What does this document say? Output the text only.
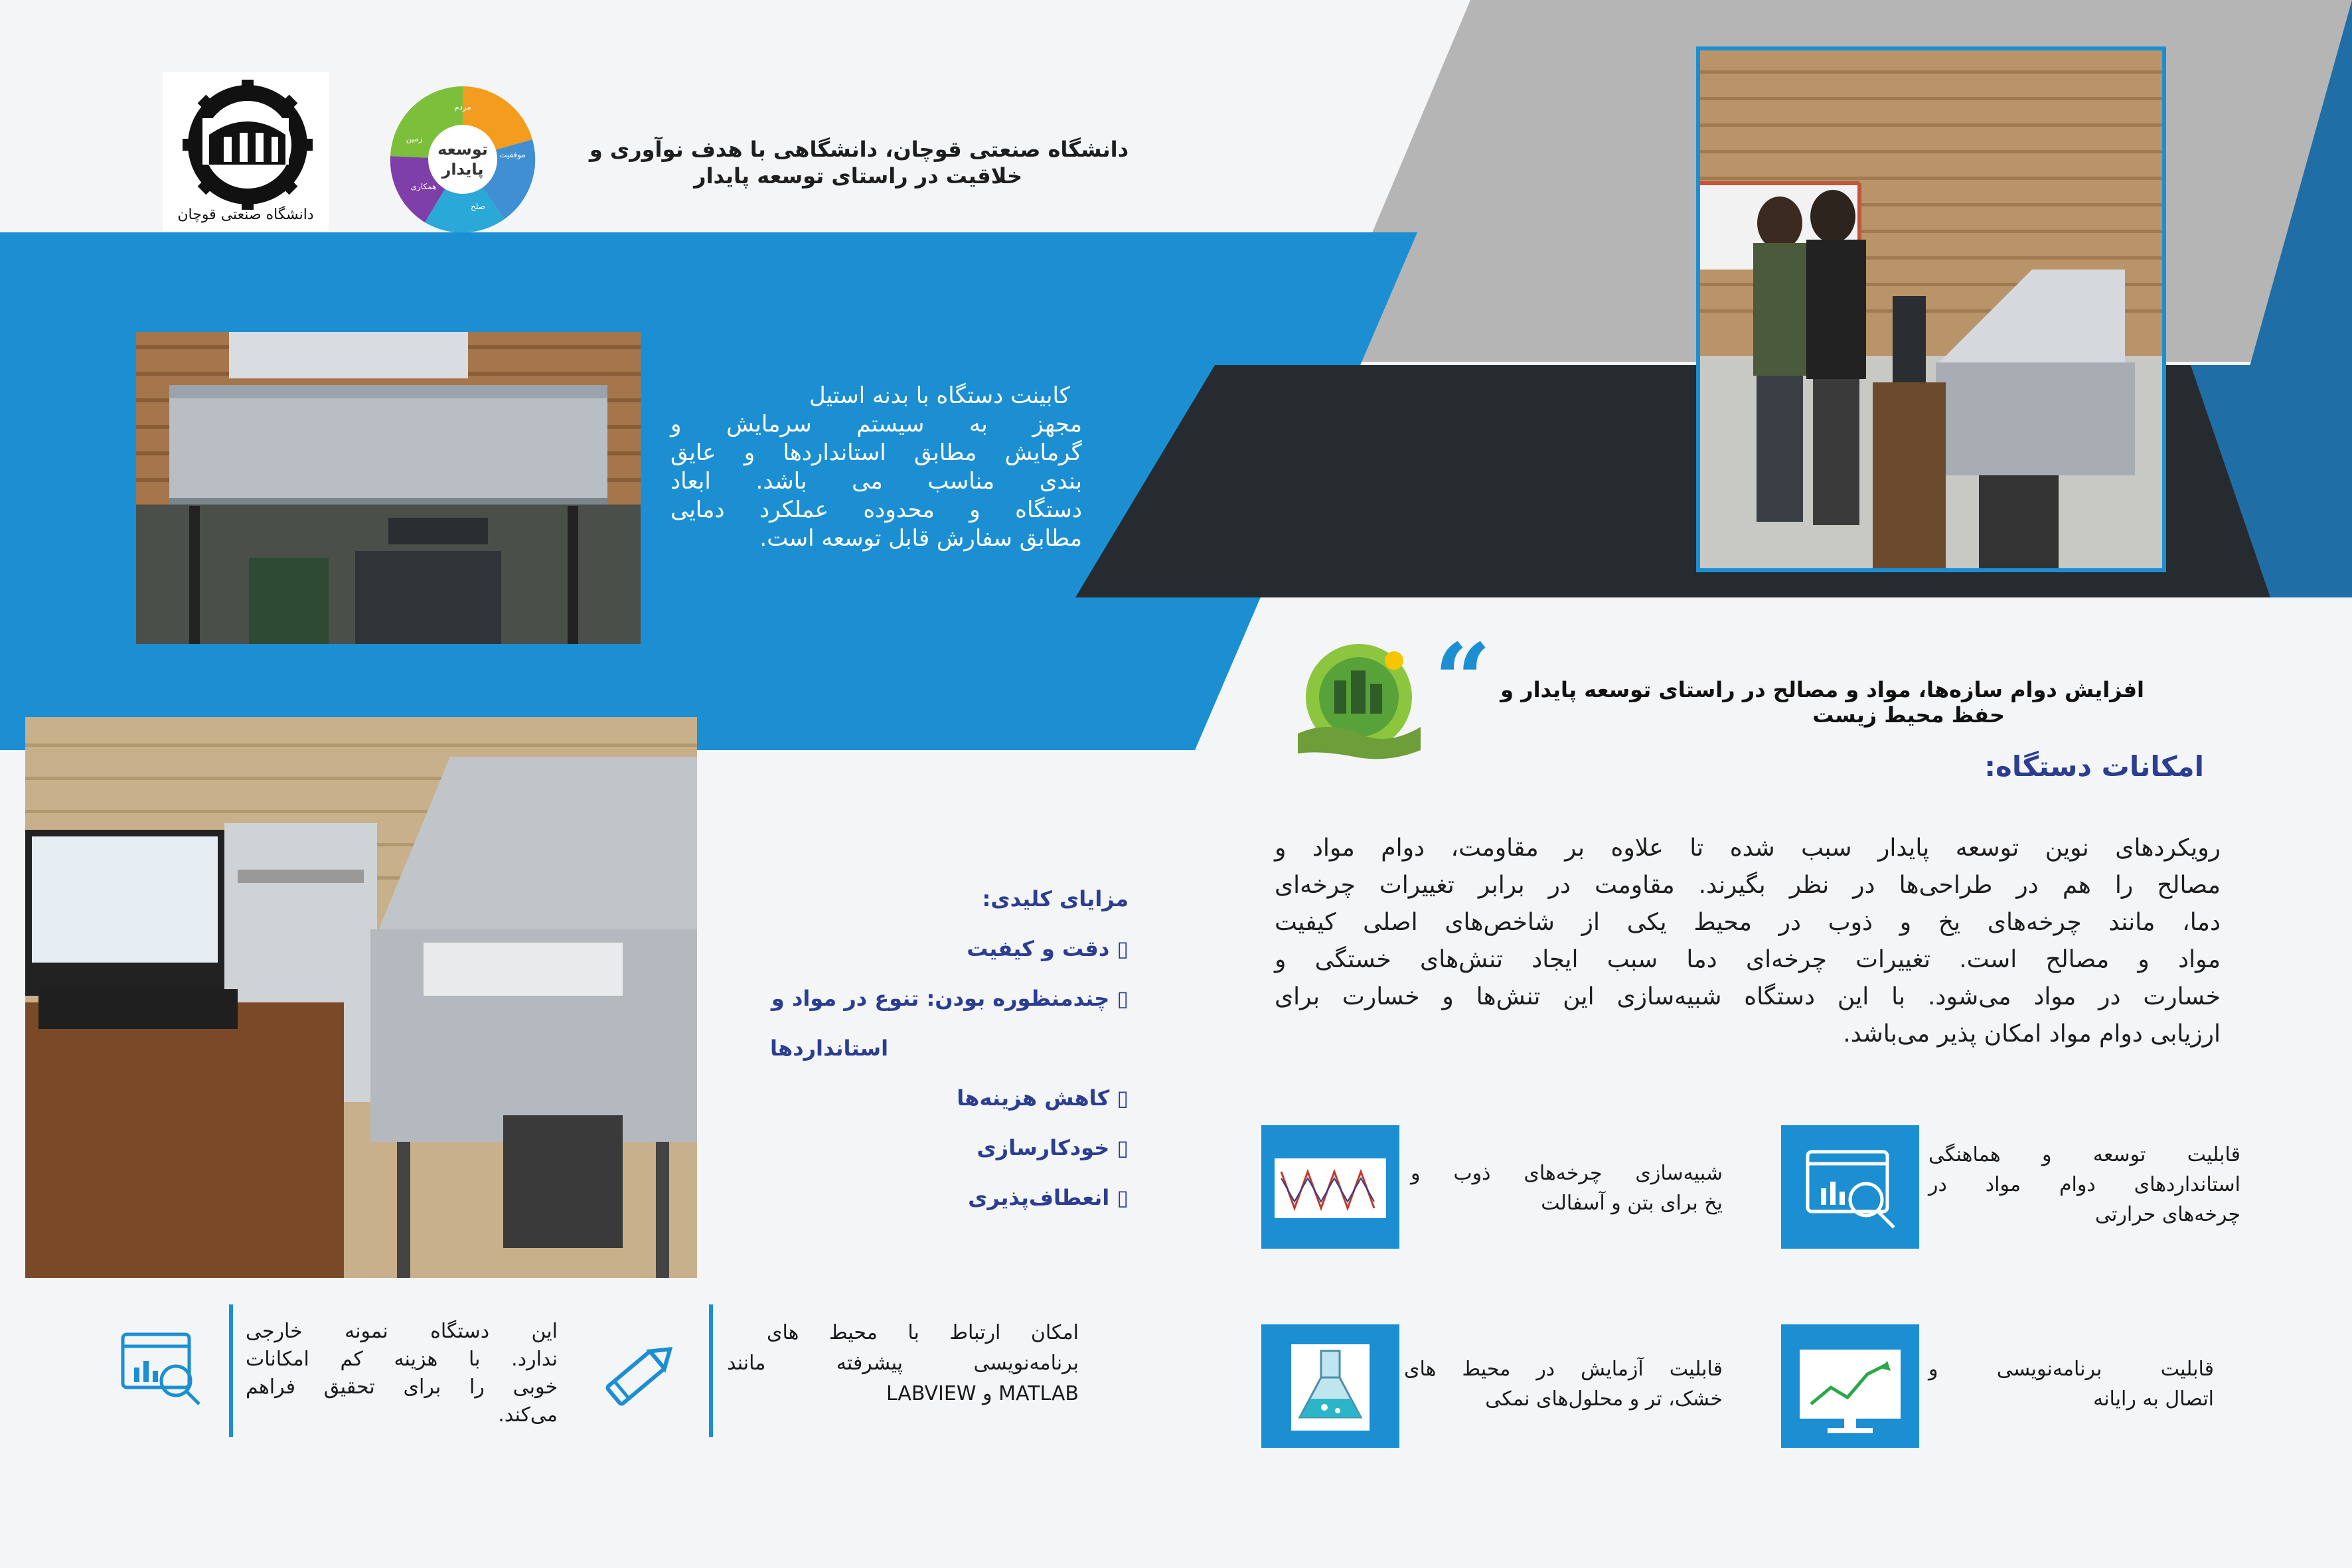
دانشگاه صنعتی قوچان
توسعه
پایدار
مردم
موفقیت
صلح
همکاری
زمین	دانشگاه صنعتی قوچان، دانشگاهی با هدف نوآوری و
خلاقیت در راستای توسعه پایدار
کابینت دستگاه با بدنه استیل
مجهز به سیستم سرمایش و
گرمایش مطابق استانداردها و عایق
بندی مناسب می باشد. ابعاد
دستگاه و محدوده عملکرد دمایی
مطابق سفارش قابل توسعه است.
“ افزایش دوام سازه‌ها، مواد و مصالح در راستای توسعه پایدار و
حفظ محیط زیست
امکانات دستگاه:
رویکردهای نوین توسعه پایدار سبب شده تا علاوه بر مقاومت، دوام مواد و
مصالح را هم در طراحی‌ها در نظر بگیرند. مقاومت در برابر تغییرات چرخه‌ای
دما، مانند چرخه‌های یخ و ذوب در محیط یکی از شاخص‌های اصلی کیفیت
مواد و مصالح است. تغییرات چرخه‌ای دما سبب ایجاد تنش‌های خستگی و
خسارت در مواد می‌شود. با این دستگاه شبیه‌سازی این تنش‌ها و خسارت برای
ارزیابی دوام مواد امکان پذیر می‌باشد.
مزایای کلیدی:
▯ دقت و کیفیت
▯ چندمنظوره بودن: تنوع در مواد و
استانداردها
▯ کاهش هزینه‌ها
▯ خودکارسازی
▯ انعطاف‌پذیری
قابلیت توسعه و هماهنگی
استانداردهای دوام مواد در
چرخه‌های حرارتی
شبیه‌سازی چرخه‌های ذوب و
یخ برای بتن و آسفالت
قابلیت برنامه‌نویسی و
اتصال به رایانه
قابلیت آزمایش در محیط های
خشک، تر و محلول‌های نمکی
این دستگاه نمونه خارجی
ندارد. با هزینه کم امکانات
خوبی را برای تحقیق فراهم
می‌کند.
امکان ارتباط با محیط های
برنامه‌نویسی پیشرفته مانند
MATLAB و LABVIEW
